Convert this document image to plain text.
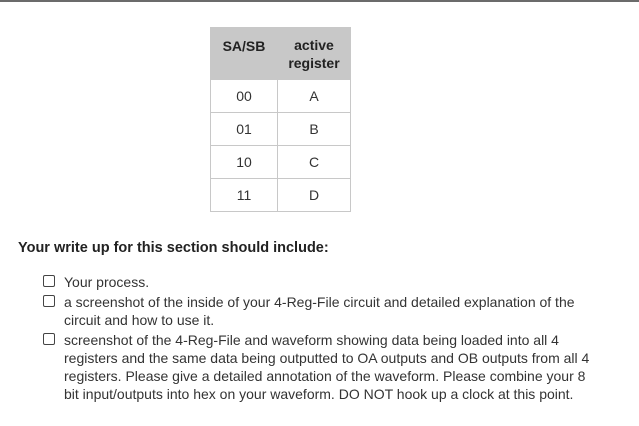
SA/SB	active register
00	A
01	B
10	C
11	D

Your write up for this section should include:

Your process.
a screenshot of the inside of your 4-Reg-File circuit and detailed explanation of the circuit and how to use it.
screenshot of the 4-Reg-File and waveform showing data being loaded into all 4 registers and the same data being outputted to OA outputs and OB outputs from all 4 registers. Please give a detailed annotation of the waveform. Please combine your 8 bit input/outputs into hex on your waveform. DO NOT hook up a clock at this point.
